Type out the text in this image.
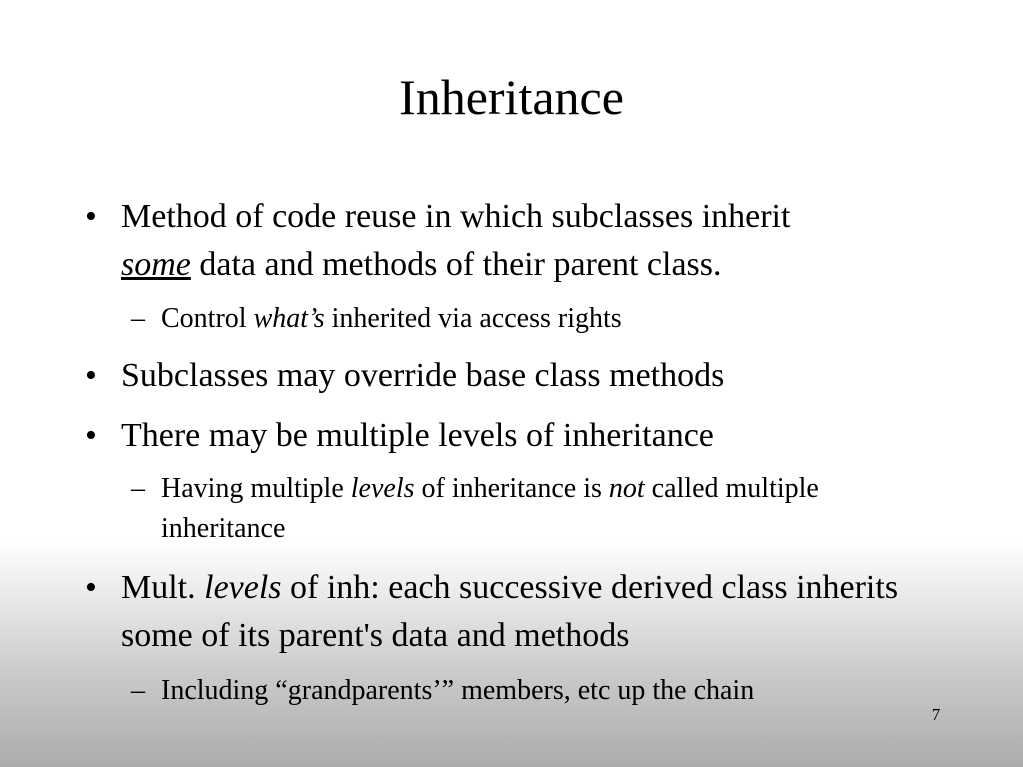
Inheritance
• Method of code reuse in which subclasses inherit
some data and methods of their parent class.
– Control what’s inherited via access rights
• Subclasses may override base class methods
• There may be multiple levels of inheritance
– Having multiple levels of inheritance is not called multiple inheritance
• Mult. levels of inh: each successive derived class inherits some of its parent's data and methods
– Including “grandparents’” members, etc up the chain
7
